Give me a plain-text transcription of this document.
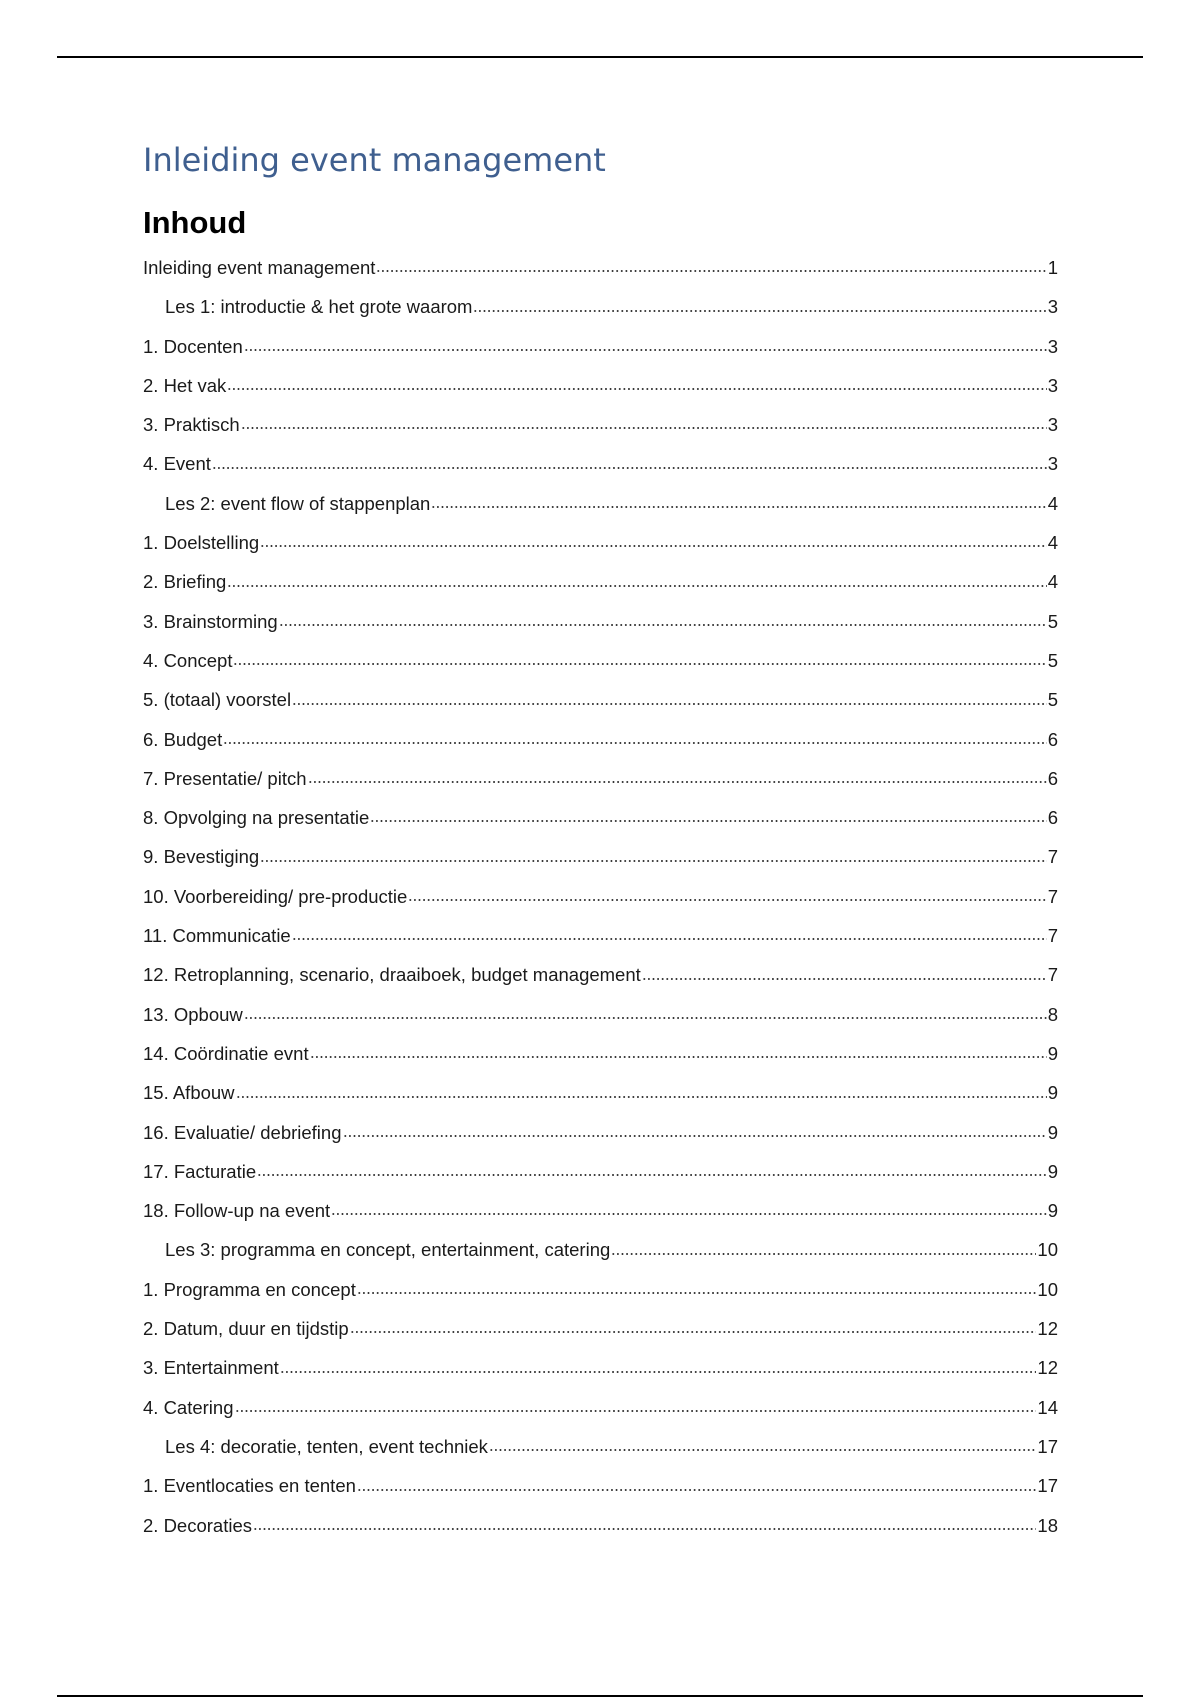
Inleiding event management
Inhoud
Inleiding event management	1
Les 1: introductie & het grote waarom	3
1. Docenten	3
2. Het vak	3
3. Praktisch	3
4. Event	3
Les 2: event flow of stappenplan	4
1. Doelstelling	4
2. Briefing	4
3. Brainstorming	5
4. Concept	5
5. (totaal) voorstel	5
6. Budget	6
7. Presentatie/ pitch	6
8. Opvolging na presentatie	6
9. Bevestiging	7
10. Voorbereiding/ pre-productie	7
11. Communicatie	7
12. Retroplanning, scenario, draaiboek, budget management	7
13. Opbouw	8
14. Coördinatie evnt	9
15. Afbouw	9
16. Evaluatie/ debriefing	9
17. Facturatie	9
18. Follow-up na event	9
Les 3: programma en concept, entertainment, catering	10
1. Programma en concept	10
2. Datum, duur en tijdstip	12
3. Entertainment	12
4. Catering	14
Les 4: decoratie, tenten, event techniek	17
1. Eventlocaties en tenten	17
2. Decoraties	18
